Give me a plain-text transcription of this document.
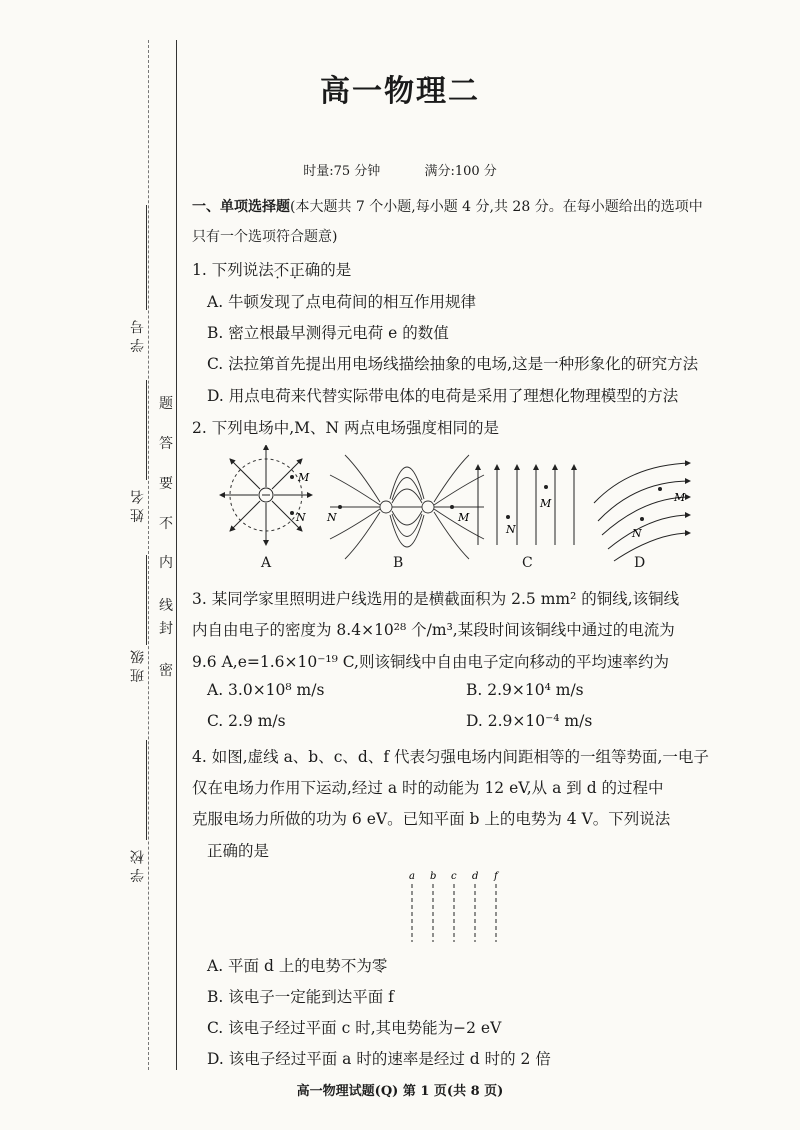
密
封
线
内
不
要
答
题
学 校
班 级
姓 名
学 号
高一物理二
时量:75 分钟	满分:100 分
一、单项选择题(本大题共 7 个小题,每小题 4 分,共 28 分。在每小题给出的选项中
只有一个选项符合题意)
1. 下列说法不正 • •确的是
A. 牛顿发现了点电荷间的相互作用规律
B. 密立根最早测得元电荷 e 的数值
C. 法拉第首先提出用电场线描绘抽象的电场,这是一种形象化的研究方法
D. 用点电荷来代替实际带电体的电荷是采用了理想化物理模型的方法
2. 下列电场中,M、N 两点电场强度相同的是
M
N N	M
N
M	M
N
A	B	C	D
3. 某同学家里照明进户线选用的是横截面积为 2.5 mm² 的铜线,该铜线
内自由电子的密度为 8.4×10²⁸ 个/m³,某段时间该铜线中通过的电流为
9.6 A,e=1.6×10⁻¹⁹ C,则该铜线中自由电子定向移动的平均速率约为
A. 3.0×10⁸ m/s	B. 2.9×10⁴ m/s
C. 2.9 m/s	D. 2.9×10⁻⁴ m/s
4. 如图,虚线 a、b、c、d、f 代表匀强电场内间距相等的一组等势面,一电子
仅在电场力作用下运动,经过 a 时的动能为 12 eV,从 a 到 d 的过程中
克服电场力所做的功为 6 eV。已知平面 b 上的电势为 4 V。下列说法
正确的是
a b c d f
A. 平面 d 上的电势不为零
B. 该电子一定能到达平面 f
C. 该电子经过平面 c 时,其电势能为−2 eV
D. 该电子经过平面 a 时的速率是经过 d 时的 2 倍
高一物理试题(Q) 第 1 页(共 8 页)
